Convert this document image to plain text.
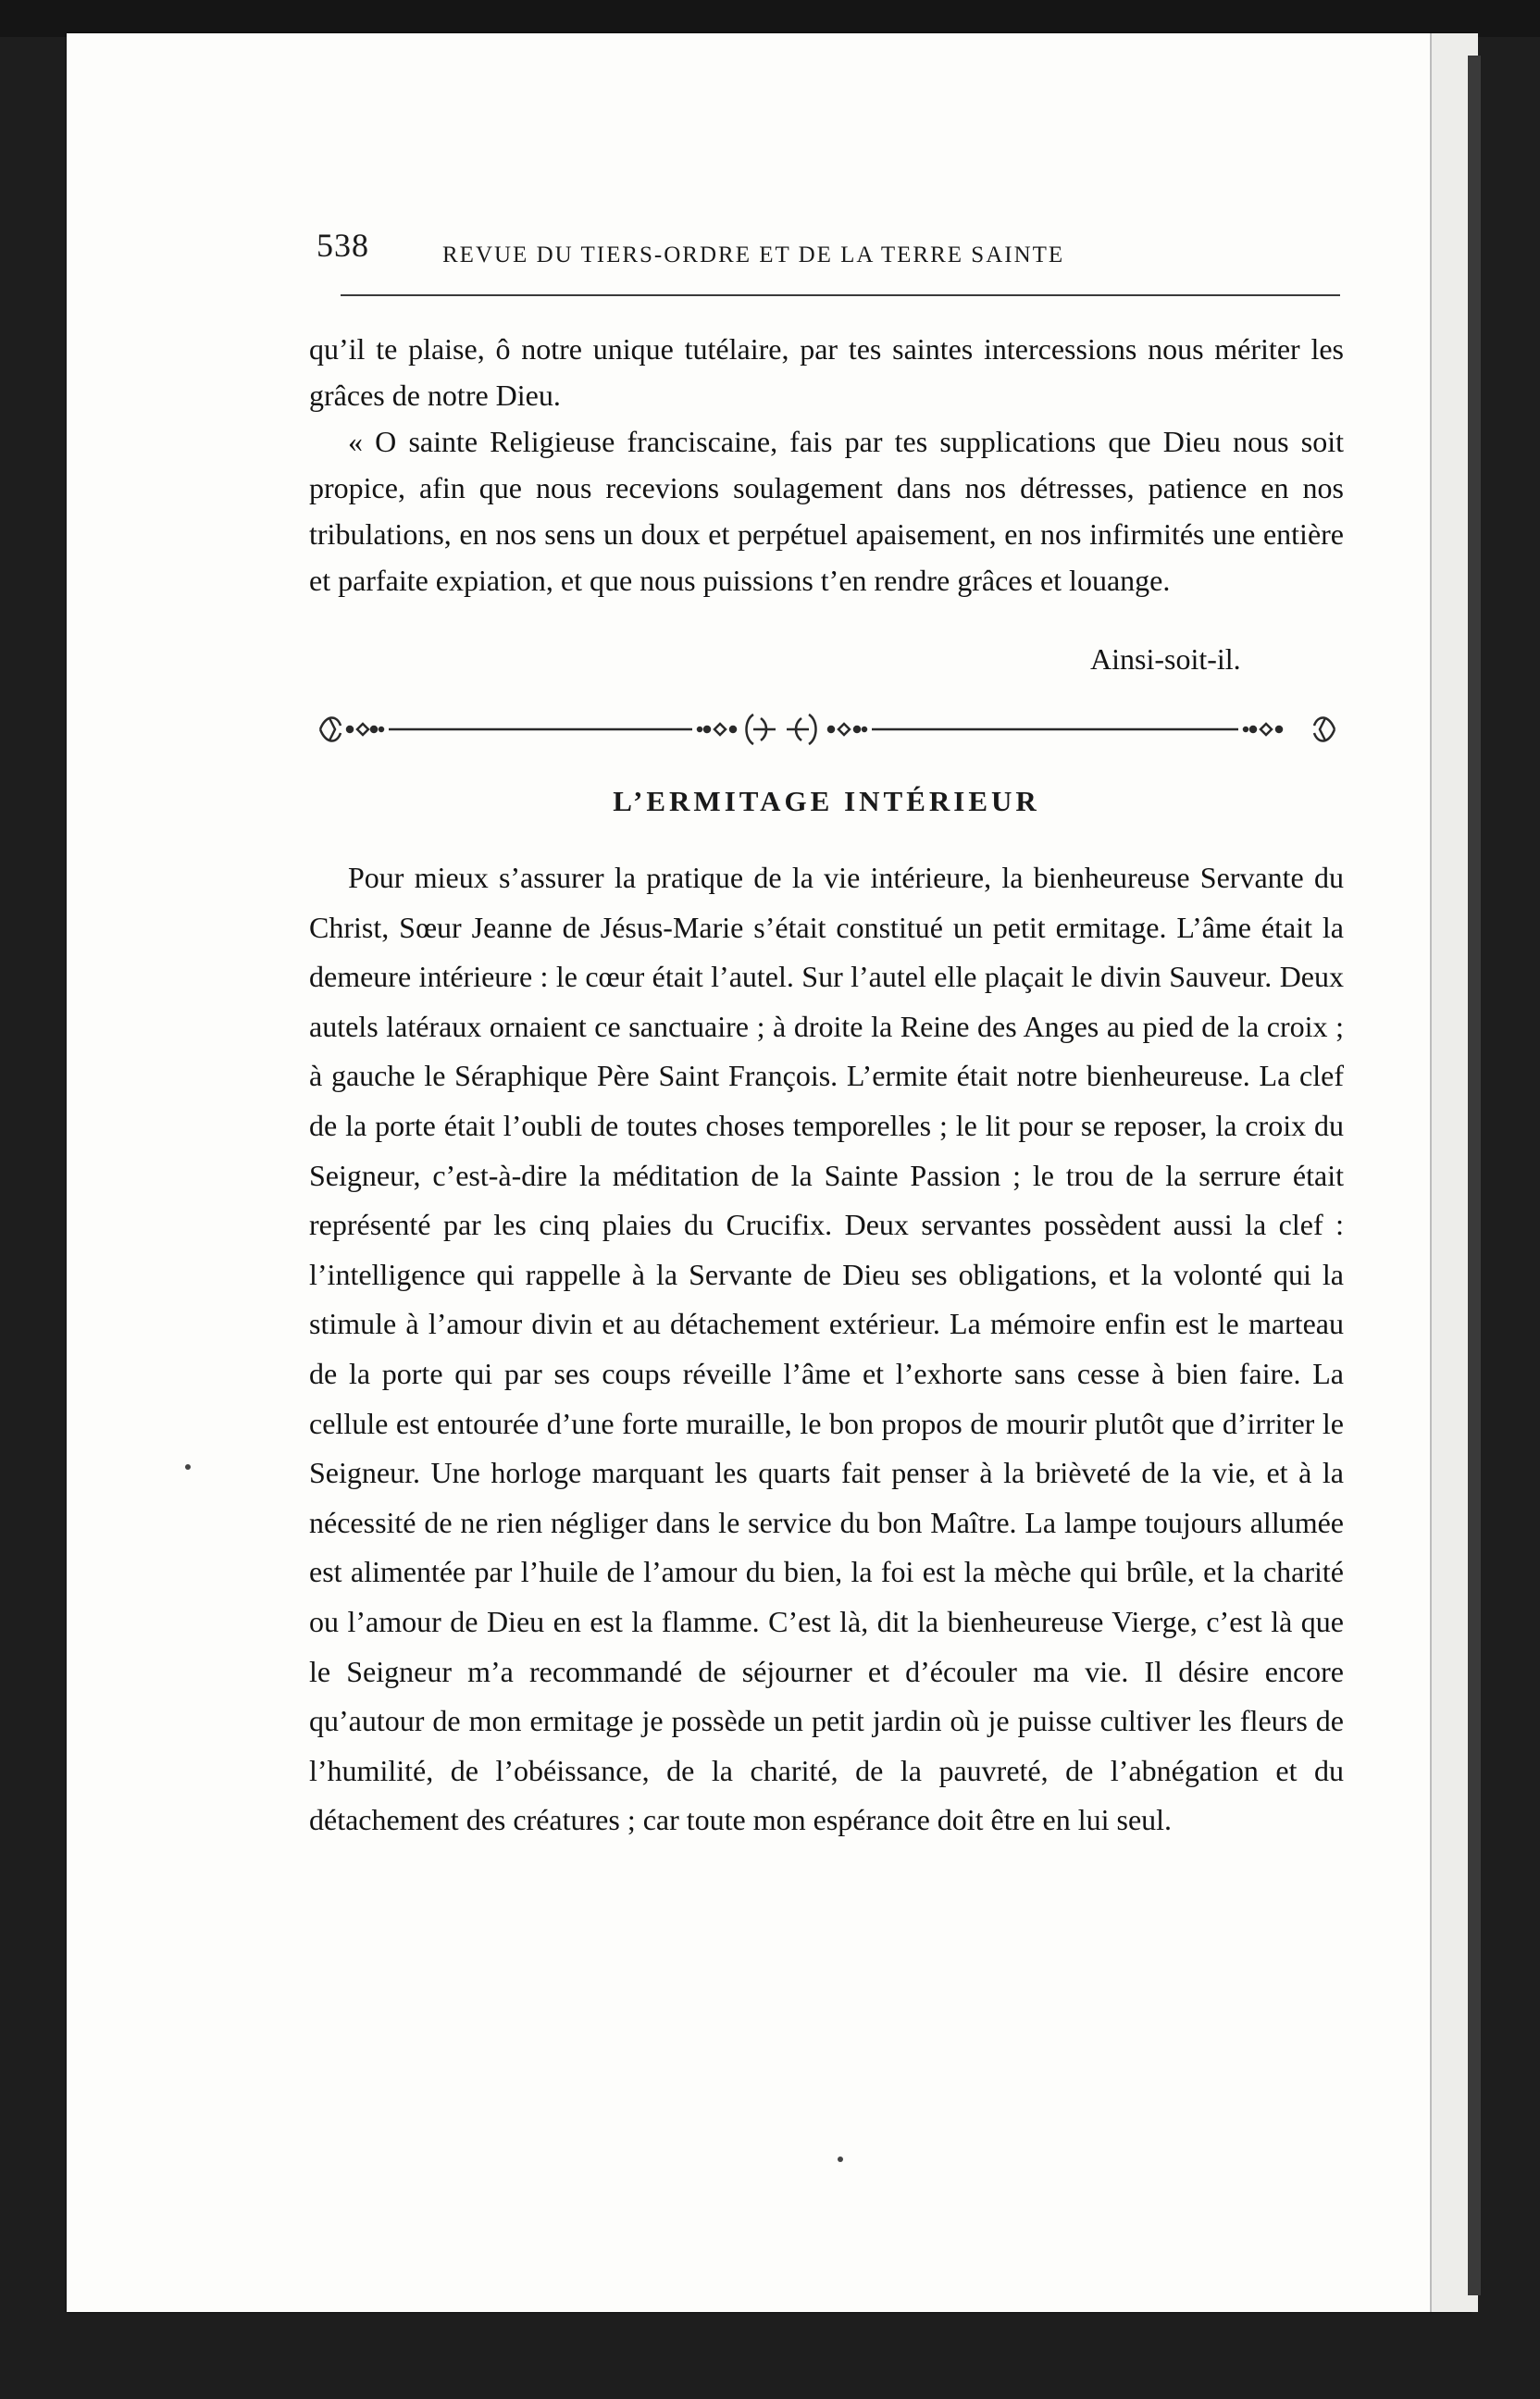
538	REVUE DU TIERS-ORDRE ET DE LA TERRE SAINTE

qu’il te plaise, ô notre unique tutélaire, par tes saintes intercessions nous mériter les grâces de notre Dieu.

« O sainte Religieuse franciscaine, fais par tes supplications que Dieu nous soit propice, afin que nous recevions soulagement dans nos détresses, patience en nos tribulations, en nos sens un doux et perpétuel apaisement, en nos infirmités une entière et parfaite expiation, et que nous puissions t’en rendre grâces et louange.

Ainsi-soit-il.
L’ERMITAGE INTÉRIEUR

Pour mieux s’assurer la pratique de la vie intérieure, la bienheureuse Servante du Christ, Sœur Jeanne de Jésus-Marie s’était constitué un petit ermitage. L’âme était la demeure intérieure : le cœur était l’autel. Sur l’autel elle plaçait le divin Sauveur. Deux autels latéraux ornaient ce sanctuaire ; à droite la Reine des Anges au pied de la croix ; à gauche le Séraphique Père Saint François. L’ermite était notre bienheureuse. La clef de la porte était l’oubli de toutes choses temporelles ; le lit pour se reposer, la croix du Seigneur, c’est-à-dire la méditation de la Sainte Passion ; le trou de la serrure était représenté par les cinq plaies du Crucifix. Deux servantes possèdent aussi la clef : l’intelligence qui rappelle à la Servante de Dieu ses obligations, et la volonté qui la stimule à l’amour divin et au détachement extérieur. La mémoire enfin est le marteau de la porte qui par ses coups réveille l’âme et l’exhorte sans cesse à bien faire. La cellule est entourée d’une forte muraille, le bon propos de mourir plutôt que d’irriter le Seigneur. Une horloge marquant les quarts fait penser à la brièveté de la vie, et à la nécessité de ne rien négliger dans le service du bon Maître. La lampe toujours allumée est alimentée par l’huile de l’amour du bien, la foi est la mèche qui brûle, et la charité ou l’amour de Dieu en est la flamme. C’est là, dit la bienheureuse Vierge, c’est là que le Seigneur m’a recommandé de séjourner et d’écouler ma vie. Il désire encore qu’autour de mon ermitage je possède un petit jardin où je puisse cultiver les fleurs de l’humilité, de l’obéissance, de la charité, de la pauvreté, de l’abnégation et du détachement des créatures ; car toute mon espérance doit être en lui seul.
